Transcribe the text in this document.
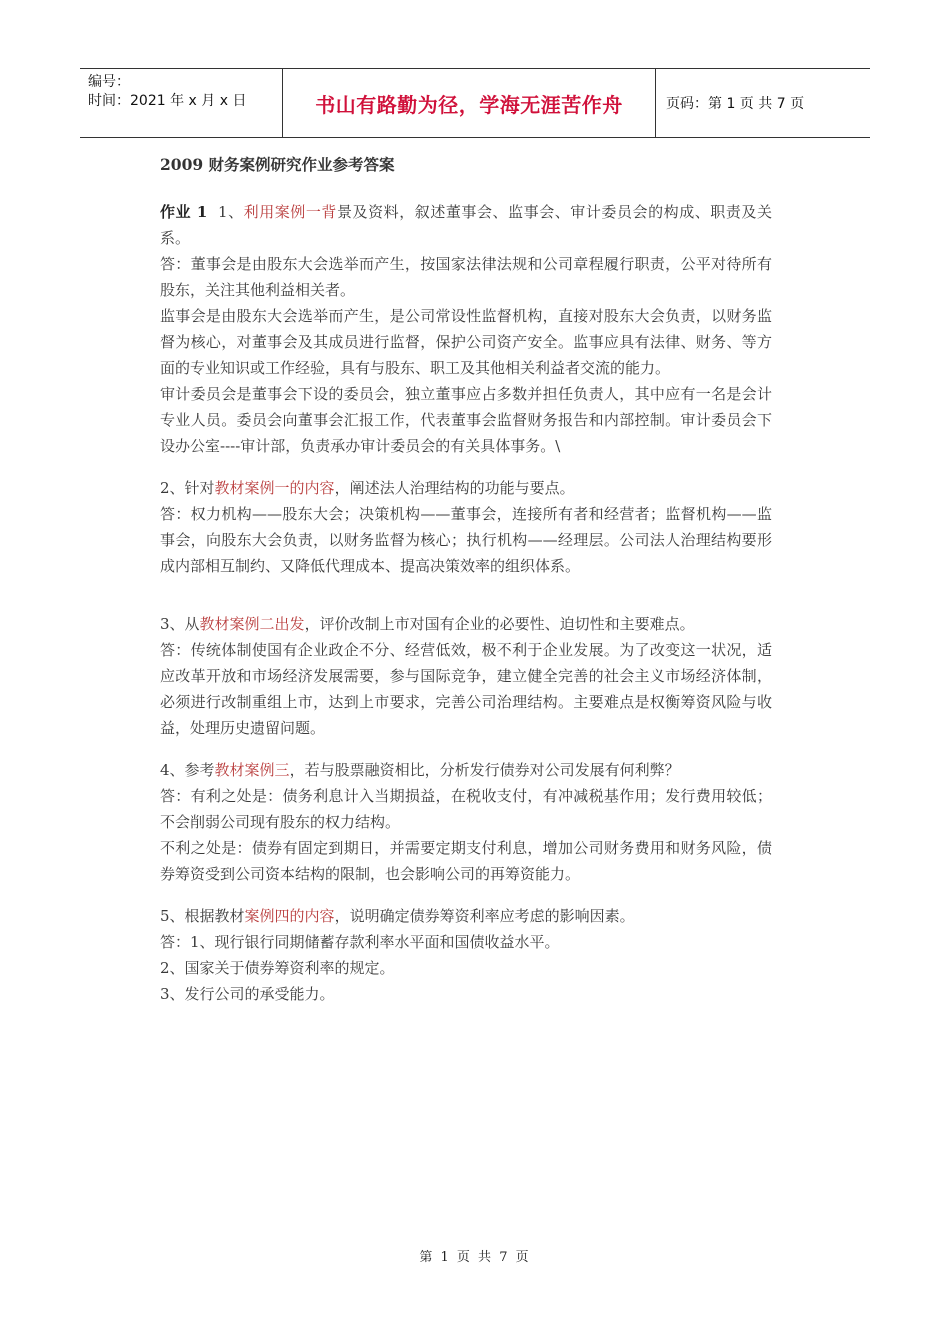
编号：
时间：2021 年 x 月 x 日	书山有路勤为径，学海无涯苦作舟	页码：第 1 页 共 7 页

2009 财务案例研究作业参考答案

作业 1 1、利用案例一背景及资料，叙述董事会、监事会、审计委员会的构成、职责及关系。

答：董事会是由股东大会选举而产生，按国家法律法规和公司章程履行职责，公平对待所有股东，关注其他利益相关者。

监事会是由股东大会选举而产生，是公司常设性监督机构，直接对股东大会负责，以财务监督为核心，对董事会及其成员进行监督，保护公司资产安全。监事应具有法律、财务、等方面的专业知识或工作经验，具有与股东、职工及其他相关利益者交流的能力。

审计委员会是董事会下设的委员会，独立董事应占多数并担任负责人，其中应有一名是会计专业人员。委员会向董事会汇报工作，代表董事会监督财务报告和内部控制。审计委员会下设办公室----审计部，负责承办审计委员会的有关具体事务。\

2、针对教材案例一的内容，阐述法人治理结构的功能与要点。

答：权力机构——股东大会；决策机构——董事会，连接所有者和经营者；监督机构——监事会，向股东大会负责，以财务监督为核心；执行机构——经理层。公司法人治理结构要形成内部相互制约、又降低代理成本、提高决策效率的组织体系。

3、从教材案例二出发，评价改制上市对国有企业的必要性、迫切性和主要难点。

答：传统体制使国有企业政企不分、经营低效，极不利于企业发展。为了改变这一状况，适应改革开放和市场经济发展需要，参与国际竞争，建立健全完善的社会主义市场经济体制，必须进行改制重组上市，达到上市要求，完善公司治理结构。主要难点是权衡筹资风险与收益，处理历史遗留问题。

4、参考教材案例三，若与股票融资相比，分析发行债券对公司发展有何利弊？

答：有利之处是：债务利息计入当期损益，在税收支付，有冲减税基作用；发行费用较低；不会削弱公司现有股东的权力结构。

不利之处是：债券有固定到期日，并需要定期支付利息，增加公司财务费用和财务风险，债券筹资受到公司资本结构的限制，也会影响公司的再筹资能力。

5、根据教材案例四的内容，说明确定债券筹资利率应考虑的影响因素。

答：1、现行银行同期储蓄存款利率水平面和国债收益水平。

2、国家关于债券筹资利率的规定。

3、发行公司的承受能力。

第 1 页 共 7 页
